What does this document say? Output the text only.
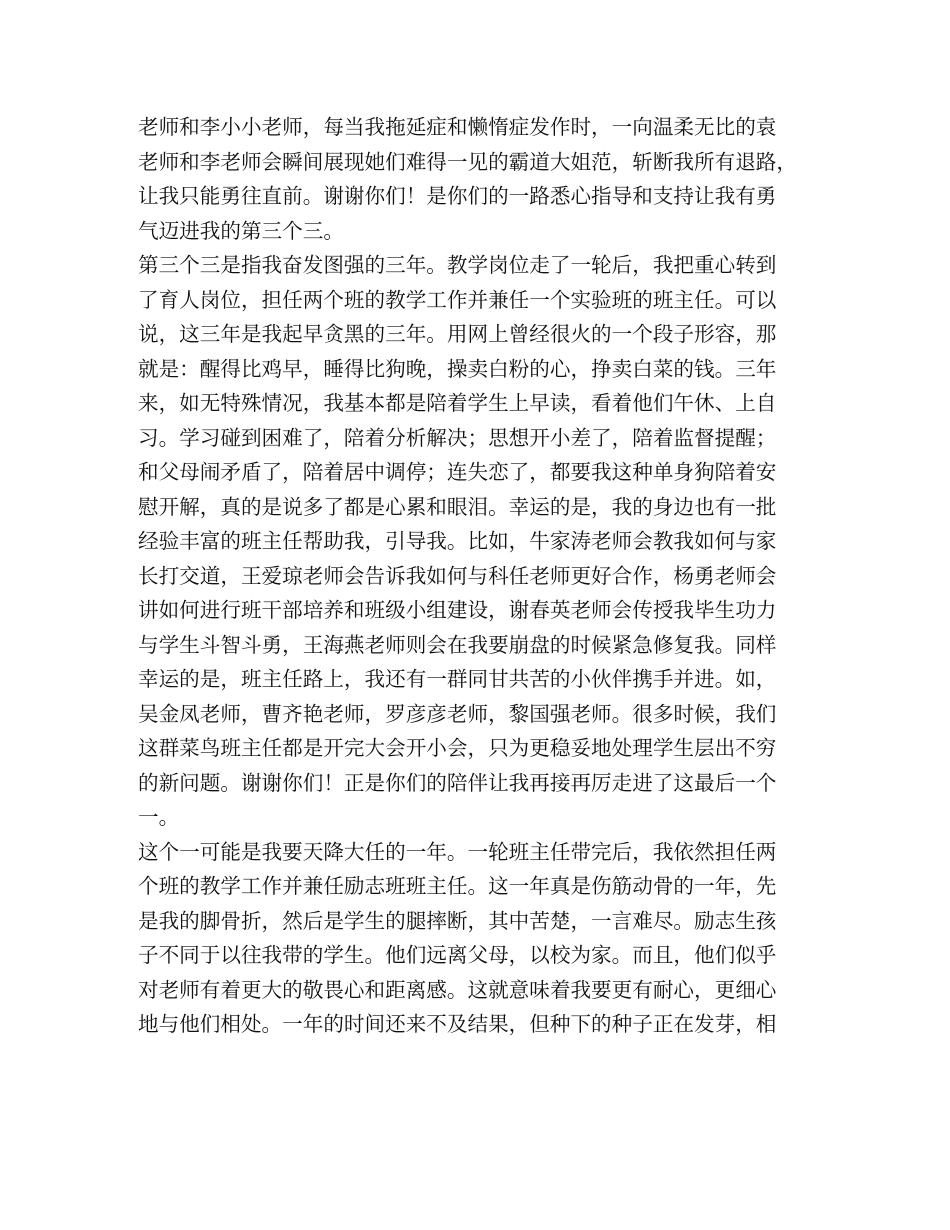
老师和李小小老师，每当我拖延症和懒惰症发作时，一向温柔无比的袁
老师和李老师会瞬间展现她们难得一见的霸道大姐范，斩断我所有退路，
让我只能勇往直前。谢谢你们！是你们的一路悉心指导和支持让我有勇
气迈进我的第三个三。
第三个三是指我奋发图强的三年。教学岗位走了一轮后，我把重心转到
了育人岗位，担任两个班的教学工作并兼任一个实验班的班主任。可以
说，这三年是我起早贪黑的三年。用网上曾经很火的一个段子形容，那
就是：醒得比鸡早，睡得比狗晚，操卖白粉的心，挣卖白菜的钱。三年
来，如无特殊情况，我基本都是陪着学生上早读，看着他们午休、上自
习。学习碰到困难了，陪着分析解决；思想开小差了，陪着监督提醒；
和父母闹矛盾了，陪着居中调停；连失恋了，都要我这种单身狗陪着安
慰开解，真的是说多了都是心累和眼泪。幸运的是，我的身边也有一批
经验丰富的班主任帮助我，引导我。比如，牛家涛老师会教我如何与家
长打交道，王爱琼老师会告诉我如何与科任老师更好合作，杨勇老师会
讲如何进行班干部培养和班级小组建设，谢春英老师会传授我毕生功力
与学生斗智斗勇，王海燕老师则会在我要崩盘的时候紧急修复我。同样
幸运的是，班主任路上，我还有一群同甘共苦的小伙伴携手并进。如，
吴金凤老师，曹齐艳老师，罗彦彦老师，黎国强老师。很多时候，我们
这群菜鸟班主任都是开完大会开小会，只为更稳妥地处理学生层出不穷
的新问题。谢谢你们！正是你们的陪伴让我再接再厉走进了这最后一个
一。
这个一可能是我要天降大任的一年。一轮班主任带完后，我依然担任两
个班的教学工作并兼任励志班班主任。这一年真是伤筋动骨的一年，先
是我的脚骨折，然后是学生的腿摔断，其中苦楚，一言难尽。励志生孩
子不同于以往我带的学生。他们远离父母，以校为家。而且，他们似乎
对老师有着更大的敬畏心和距离感。这就意味着我要更有耐心，更细心
地与他们相处。一年的时间还来不及结果，但种下的种子正在发芽，相
